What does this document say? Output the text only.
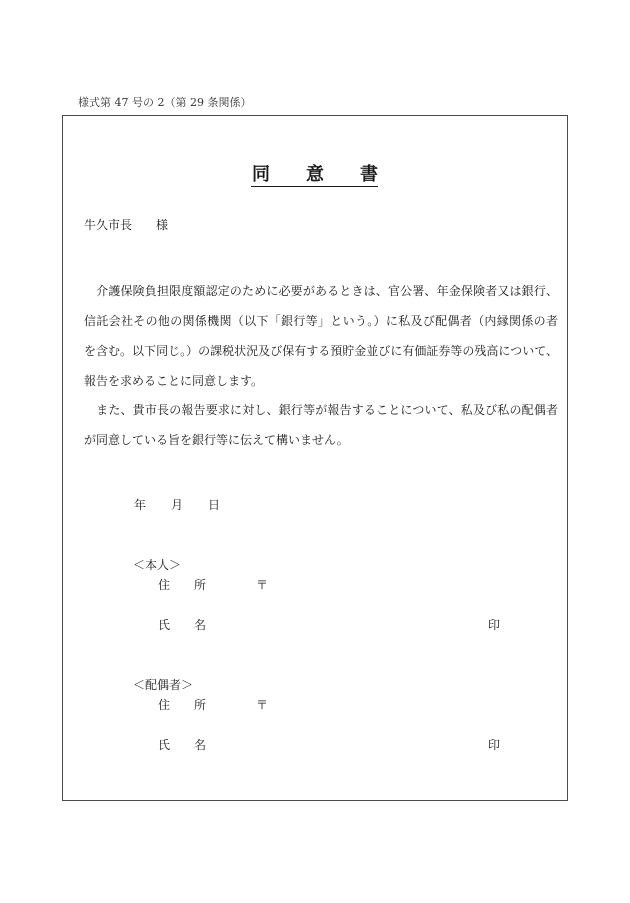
様式第 47 号の 2（第 29 条関係）
同　意　書
牛久市長　　様
　介護保険負担限度額認定のために必要があるときは、官公署、年金保険者又は銀行、
信託会社その他の関係機関（以下「銀行等」という。）に私及び配偶者（内縁関係の者
を含む。以下同じ。）の課税状況及び保有する預貯金並びに有価証券等の残高について、
報告を求めることに同意します。
　また、貴市長の報告要求に対し、銀行等が報告することについて、私及び私の配偶者
が同意している旨を銀行等に伝えて構いません。
年 月 日
＜本人＞
住　　所	〒
氏　　名	印
＜配偶者＞
住　　所	〒
氏　　名	印
